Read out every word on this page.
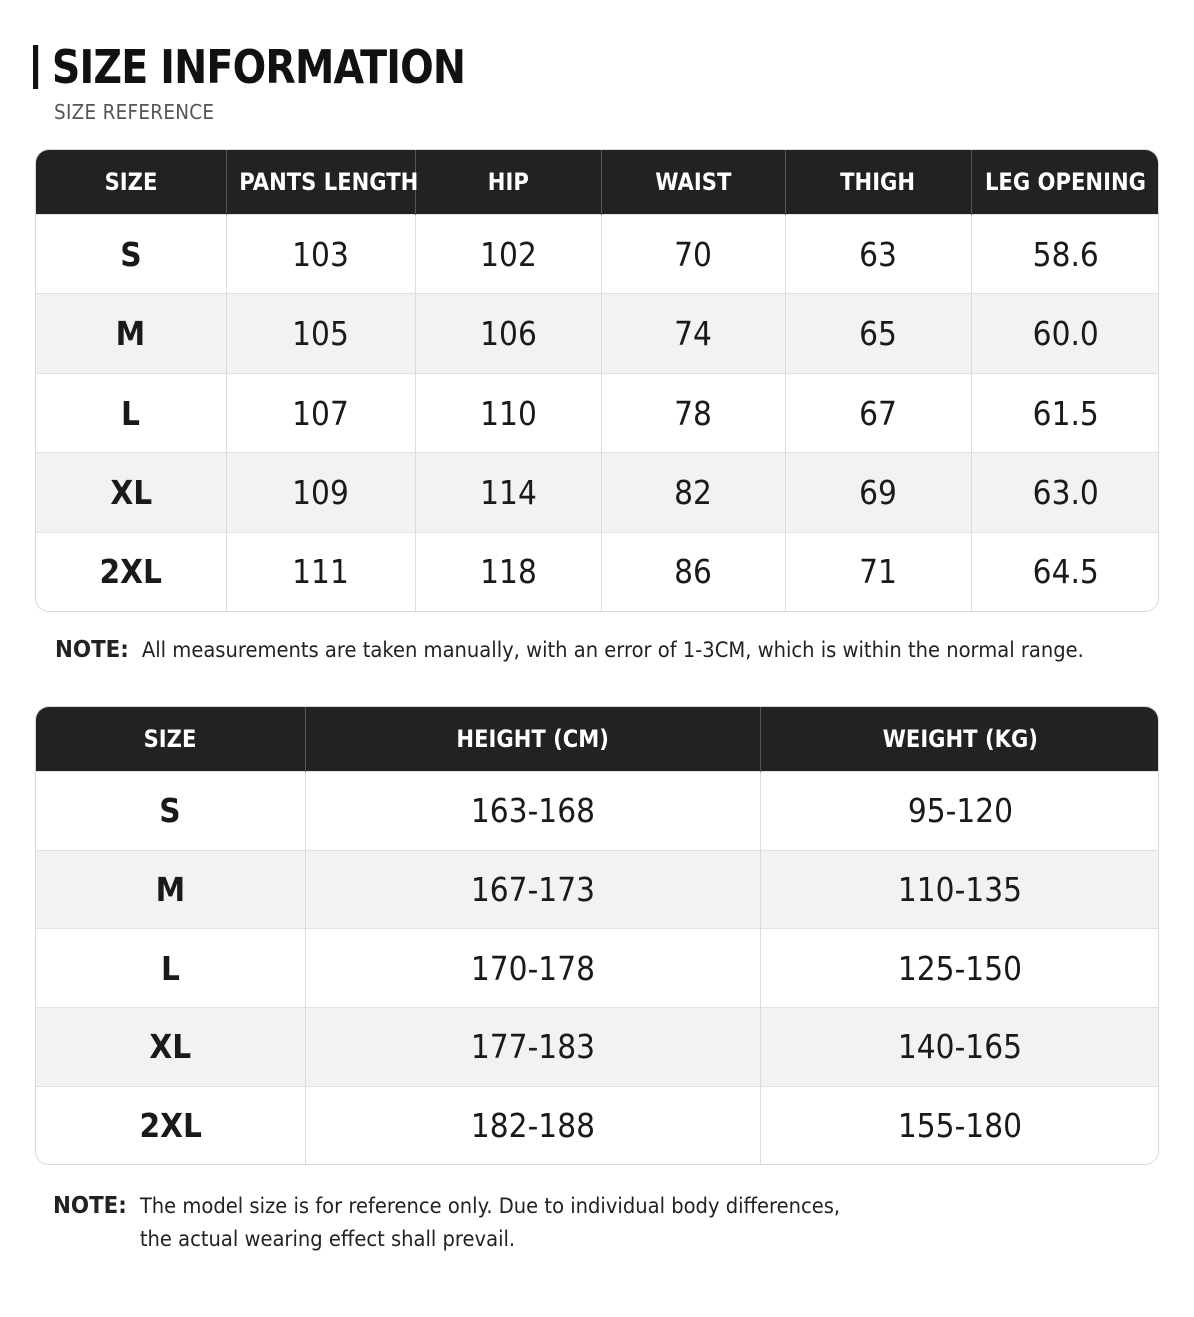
SIZE INFORMATION
SIZE REFERENCE
SIZE	PANTS LENGTH	HIP	WAIST	THIGH	LEG OPENING
S	103	102	70	63	58.6
M	105	106	74	65	60.0
L	107	110	78	67	61.5
XL	109	114	82	69	63.0
2XL	111	118	86	71	64.5
NOTE: All measurements are taken manually, with an error of 1-3CM, which is within the normal range.
SIZE	HEIGHT (CM)	WEIGHT (KG)
S	163-168	95-120
M	167-173	110-135
L	170-178	125-150
XL	177-183	140-165
2XL	182-188	155-180
NOTE: The model size is for reference only. Due to individual body differences,
the actual wearing effect shall prevail.
